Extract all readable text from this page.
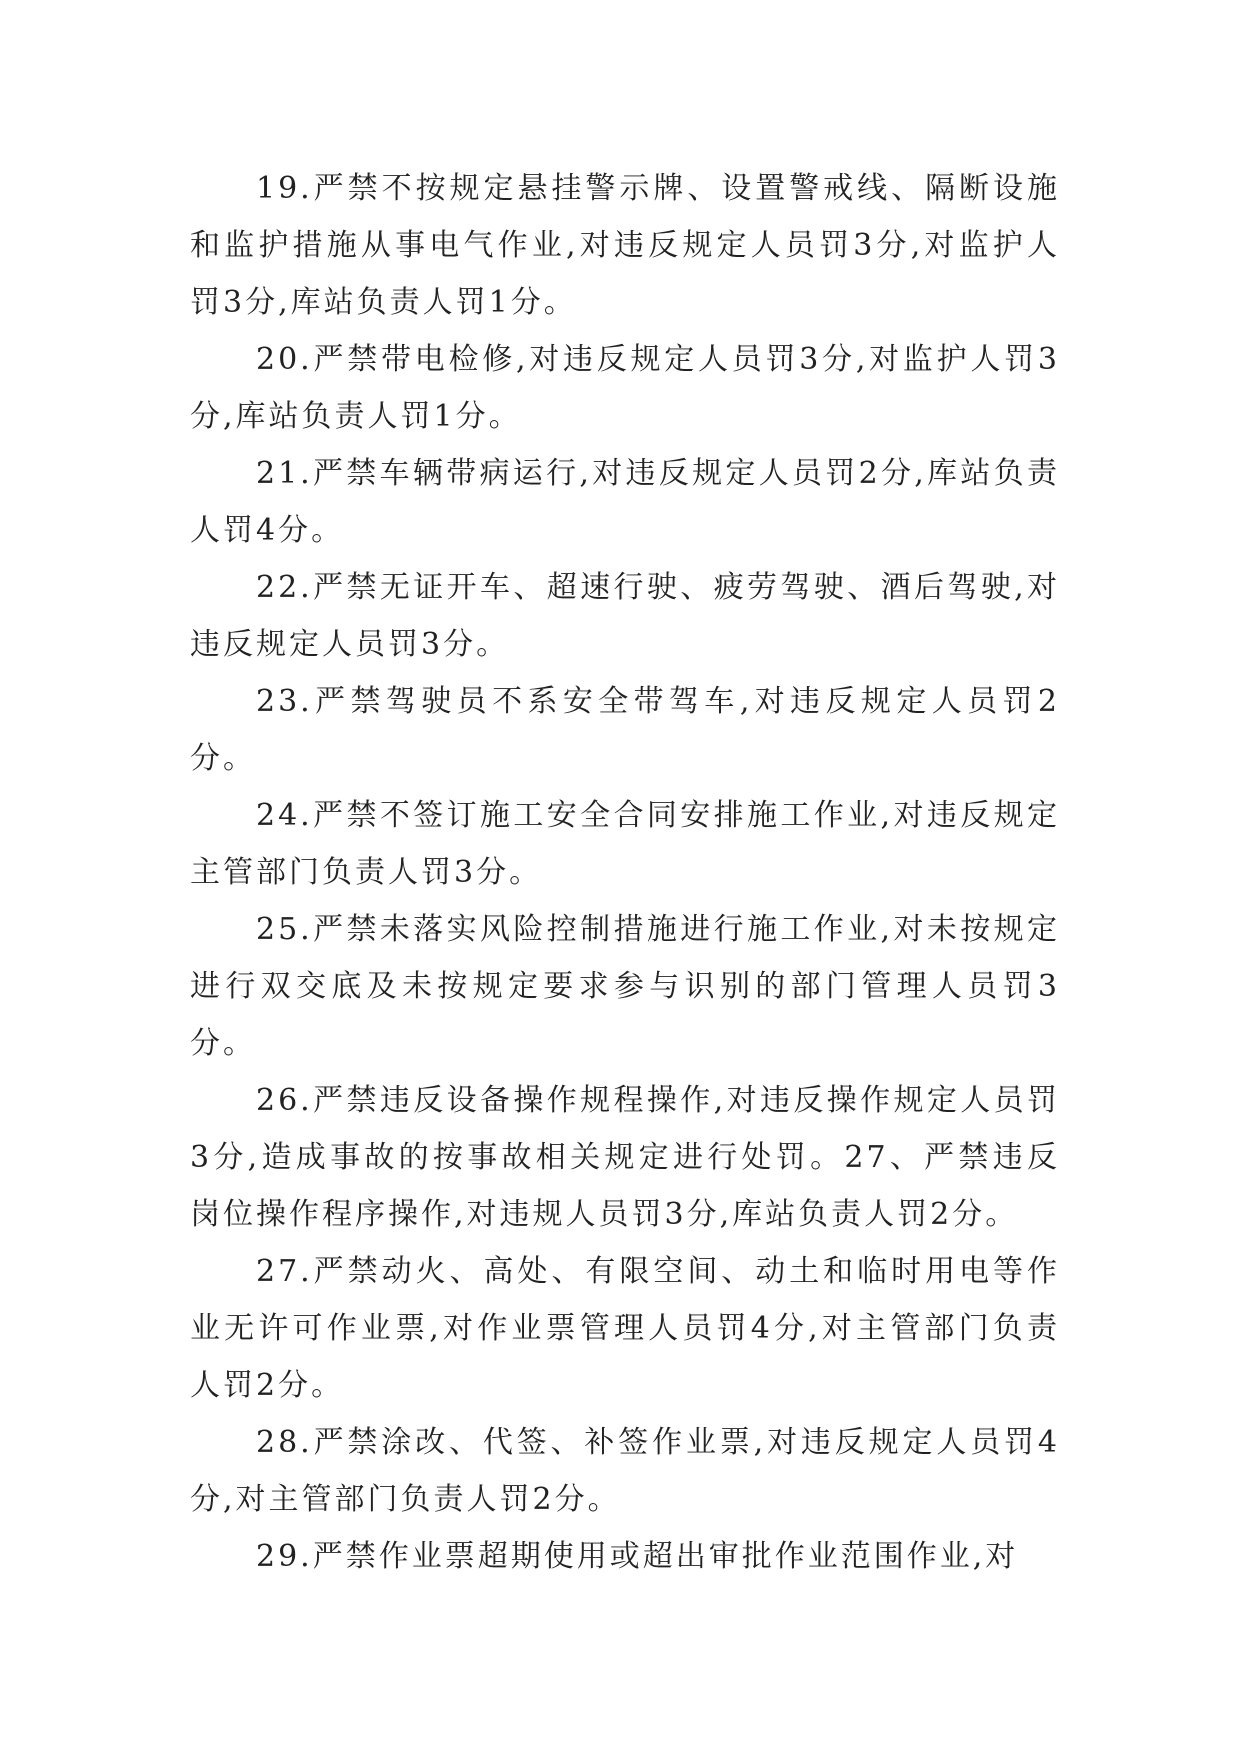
19.严禁不按规定悬挂警示牌、设置警戒线、隔断设施和监护措施从事电气作业,对违反规定人员罚3分,对监护人罚3分,库站负责人罚1分。

20.严禁带电检修,对违反规定人员罚3分,对监护人罚3分,库站负责人罚1分。

21.严禁车辆带病运行,对违反规定人员罚2分,库站负责人罚4分。

22.严禁无证开车、超速行驶、疲劳驾驶、酒后驾驶,对违反规定人员罚3分。

23.严禁驾驶员不系安全带驾车,对违反规定人员罚2分。

24.严禁不签订施工安全合同安排施工作业,对违反规定主管部门负责人罚3分。

25.严禁未落实风险控制措施进行施工作业,对未按规定进行双交底及未按规定要求参与识别的部门管理人员罚3分。

26.严禁违反设备操作规程操作,对违反操作规定人员罚3分,造成事故的按事故相关规定进行处罚。27、严禁违反岗位操作程序操作,对违规人员罚3分,库站负责人罚2分。

27.严禁动火、高处、有限空间、动土和临时用电等作业无许可作业票,对作业票管理人员罚4分,对主管部门负责人罚2分。

28.严禁涂改、代签、补签作业票,对违反规定人员罚4分,对主管部门负责人罚2分。

29.严禁作业票超期使用或超出审批作业范围作业,对
